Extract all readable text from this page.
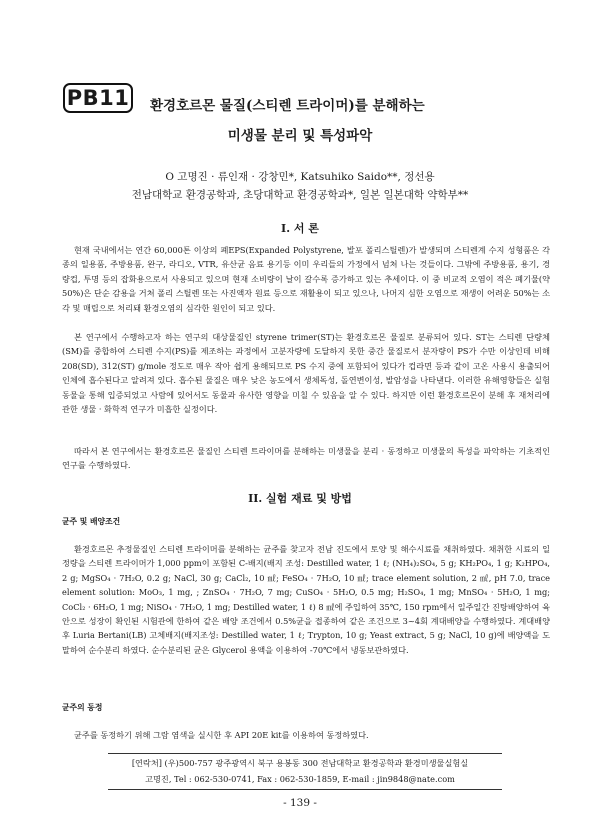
PB11 환경호르몬 물질(스티렌 트라이머)를 분해하는
미생물 분리 및 특성파악
O 고명진 · 류인재 · 강창민*, Katsuhiko Saido**, 정선용
전남대학교 환경공학과, 초당대학교 환경공학과*, 일본 일본대학 약학부**
I. 서 론

현재 국내에서는 연간 60,000톤 이상의 폐EPS(Expanded Polystyrene, 발포 폴리스틸렌)가 발생되며 스티렌계 수지 성형품은 각종의 일용품, 주방용품, 완구, 라디오, VTR, 유산균 음료 용기등 이미 우리들의 가정에서 넘쳐 나는 것들이다. 그밖에 주방용품, 용기, 경량컵, 투명 등의 잡화용으로서 사용되고 있으며 현재 소비량이 날이 갈수록 증가하고 있는 추세이다. 이 중 비교적 오염이 적은 폐기물(약 50%)은 단순 감용을 거쳐 폴리 스틸렌 또는 사진액자 원료 등으로 재활용이 되고 있으나, 나머지 심한 오염으로 재생이 어려운 50%는 소각 및 매립으로 처리돼 환경오염의 심각한 원인이 되고 있다.

본 연구에서 수행하고자 하는 연구의 대상물질인 styrene trimer(ST)는 환경호르몬 물질로 분류되어 있다. ST는 스티렌 단량체(SM)를 중합하여 스티렌 수지(PS)를 제조하는 과정에서 고분자량에 도달하지 못한 중간 물질로서 분자량이 PS가 수만 이상인데 비해 208(SD), 312(ST) g/mole 정도로 매우 작아 쉽게 용해되므로 PS 수지 중에 포함되어 있다가 컵라면 등과 같이 고온 사용시 용출되어 인체에 흡수된다고 알려져 있다. 흡수된 물질은 매우 낮은 농도에서 생체독성, 돌연변이성, 발암성을 나타낸다. 이러한 유해영향들은 실험 동물을 통해 입증되었고 사람에 있어서도 동물과 유사한 영향을 미칠 수 있음을 알 수 있다. 하지만 이런 환경호르몬이 분해 후 재처리에 관한 생물 · 화학적 연구가 미흡한 실정이다.

따라서 본 연구에서는 환경호르몬 물질인 스티렌 트라이머를 분해하는 미생물을 분리 · 동정하고 미생물의 특성을 파악하는 기초적인 연구를 수행하였다.

II. 실험 재료 및 방법
균주 및 배양조건

환경호르몬 추정물질인 스티렌 트라이머를 분해하는 균주를 찾고자 전남 진도에서 토양 및 해수시료를 채취하였다. 채취한 시료의 일정량을 스티렌 트라이머가 1,000 ppm이 포함된 C-배지(배지 조성: Destilled water, 1 ℓ; (NH₄)₂SO₄, 5 g; KH₂PO₄, 1 g; K₂HPO₄, 2 g; MgSO₄ · 7H₂O, 0.2 g; NaCl, 30 g; CaCl₂, 10 ㎖; FeSO₄ · 7H₂O, 10 ㎖; trace element solution, 2 ㎖, pH 7.0, trace element solution: MoO₃, 1 mg, ; ZnSO₄ · 7H₂O, 7 mg; CuSO₄ · 5H₂O, 0.5 mg; H₂SO₄, 1 mg; MnSO₄ · 5H₂O, 1 mg; CoCl₂ · 6H₂O, 1 mg; NiSO₄ · 7H₂O, 1 mg; Destilled water, 1 ℓ) 8 ㎖에 주입하여 35℃, 150 rpm에서 일주일간 진탕배양하여 육안으로 성장이 확인된 시험관에 한하여 같은 배양 조건에서 0.5%균을 접종하여 같은 조건으로 3~4회 계대배양을 수행하였다. 계대배양 후 Luria Bertani(LB) 고체배지(배지조성: Destilled water, 1 ℓ; Trypton, 10 g; Yeast extract, 5 g; NaCl, 10 g)에 배양액을 도말하여 순수분리 하였다. 순수분리된 균은 Glycerol 용액을 이용하여 -70℃에서 냉동보관하였다.

균주의 동정

균주를 동정하기 위해 그람 염색을 실시한 후 API 20E kit를 이용하여 동정하였다.

[연락처] (우)500-757 광주광역시 북구 용봉동 300 전남대학교 환경공학과 환경미생물실험실
고명진, Tel : 062-530-0741, Fax : 062-530-1859, E-mail : jin9848@nate.com
- 139 -
